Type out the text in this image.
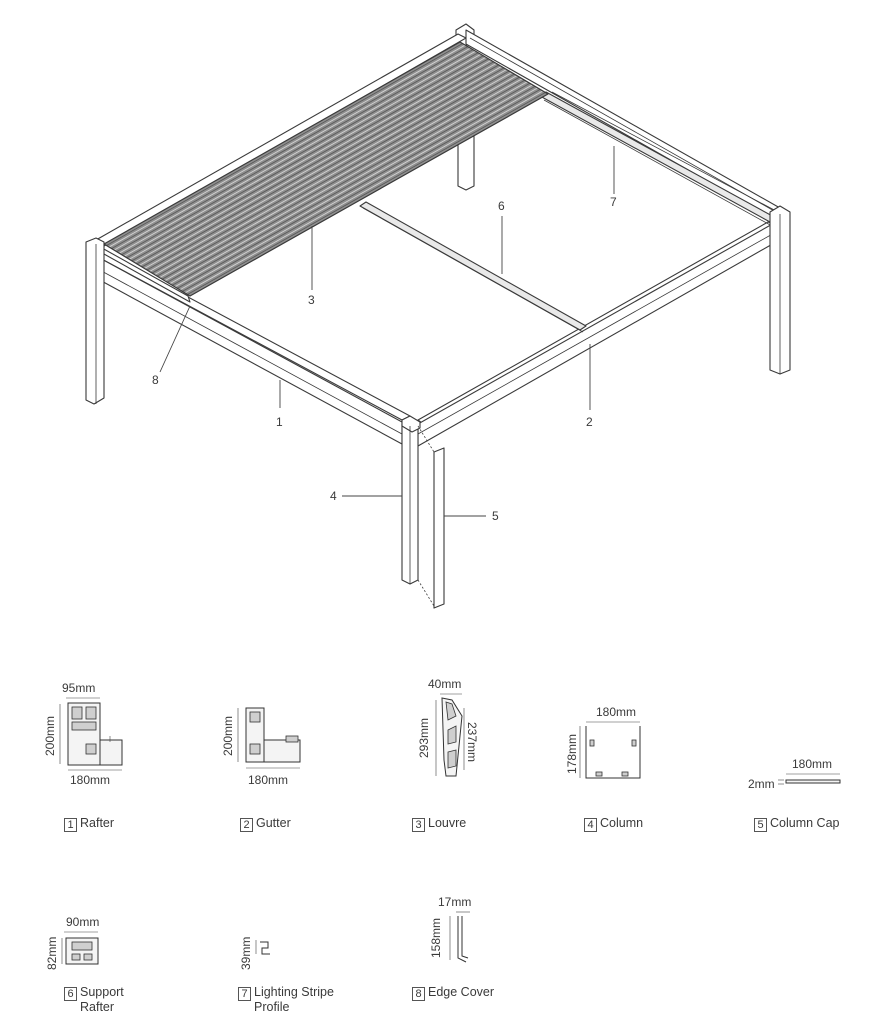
1	2
3
4
5
6	7
8
95mm
200mm
180mm
200mm
180mm
40mm
293mm	237mm
180mm
178mm	180mm
2mm
90mm
82mm	39mm
17mm
158mm
1 Rafter	2 Gutter	3 Louvre	4 Column	5 Column Cap
6 Support
Rafter
7 Lighting Stripe
Profile
8 Edge Cover
